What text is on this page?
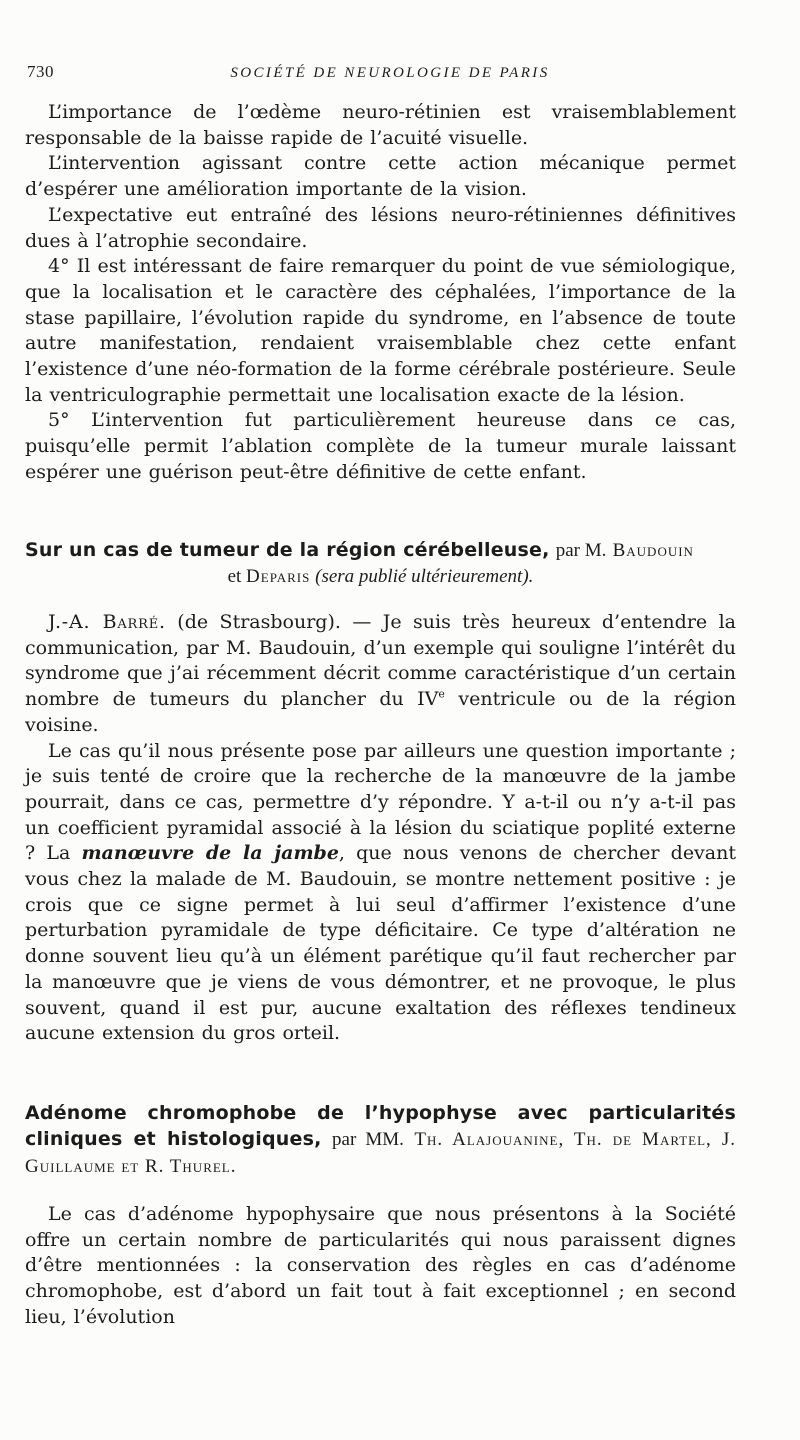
730	SOCIÉTÉ DE NEUROLOGIE DE PARIS

L’importance de l’œdème neuro-rétinien est vraisemblablement responsable de la baisse rapide de l’acuité visuelle.

L’intervention agissant contre cette action mécanique permet d’espérer une amélioration importante de la vision.

L’expectative eut entraîné des lésions neuro-rétiniennes définitives dues à l’atrophie secondaire.

4° Il est intéressant de faire remarquer du point de vue sémiologique, que la localisation et le caractère des céphalées, l’importance de la stase papillaire, l’évolution rapide du syndrome, en l’absence de toute autre manifestation, rendaient vraisemblable chez cette enfant l’existence d’une néo-formation de la forme cérébrale postérieure. Seule la ventriculographie permettait une localisation exacte de la lésion.

5° L’intervention fut particulièrement heureuse dans ce cas, puisqu’elle permit l’ablation complète de la tumeur murale laissant espérer une guérison peut-être définitive de cette enfant.

Sur un cas de tumeur de la région cérébelleuse, par M. Baudouin

et Deparis (sera publié ultérieurement).

J.-A. Barré. (de Strasbourg). — Je suis très heureux d’entendre la communication, par M. Baudouin, d’un exemple qui souligne l’intérêt du syndrome que j’ai récemment décrit comme caractéristique d’un certain nombre de tumeurs du plancher du IVe ventricule ou de la région voisine.

Le cas qu’il nous présente pose par ailleurs une question importante ; je suis tenté de croire que la recherche de la manœuvre de la jambe pourrait, dans ce cas, permettre d’y répondre. Y a-t-il ou n’y a-t-il pas un coefficient pyramidal associé à la lésion du sciatique poplité externe ? La manœuvre de la jambe, que nous venons de chercher devant vous chez la malade de M. Baudouin, se montre nettement positive : je crois que ce signe permet à lui seul d’affirmer l’existence d’une perturbation pyramidale de type déficitaire. Ce type d’altération ne donne souvent lieu qu’à un élément parétique qu’il faut rechercher par la manœuvre que je viens de vous démontrer, et ne provoque, le plus souvent, quand il est pur, aucune exaltation des réflexes tendineux aucune extension du gros orteil.

Adénome chromophobe de l’hypophyse avec particularités cliniques et histologiques, par MM. Th. Alajouanine, Th. de Martel, J. Guillaume et R. Thurel.

Le cas d’adénome hypophysaire que nous présentons à la Société offre un certain nombre de particularités qui nous paraissent dignes d’être mentionnées : la conservation des règles en cas d’adénome chromophobe, est d’abord un fait tout à fait exceptionnel ; en second lieu, l’évolution
